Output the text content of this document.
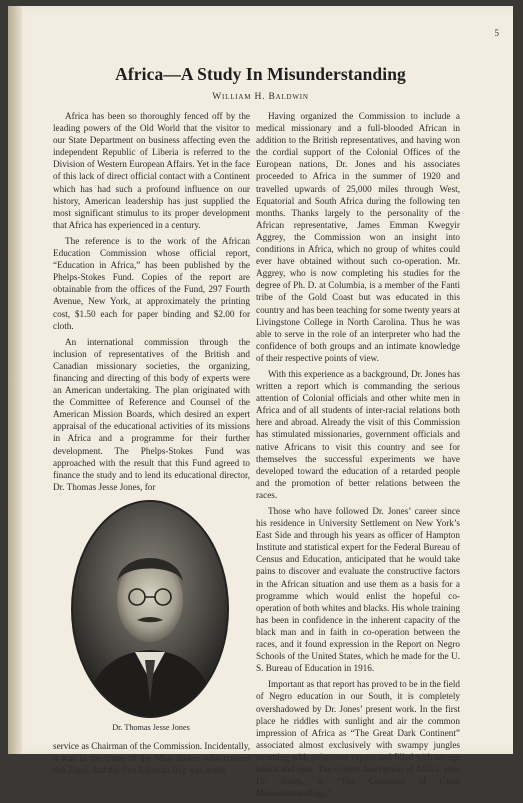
5
Africa—A Study In Misunderstanding
William H. Baldwin

Africa has been so thoroughly fenced off by the leading powers of the Old World that the visitor to our State Department on business affecting even the independent Republic of Liberia is referred to the Division of Western European Affairs. Yet in the face of this lack of direct official contact with a Continent which has had such a profound influence on our history, American leadership has just supplied the most significant stimulus to its proper development that Africa has experienced in a century.

The reference is to the work of the African Education Commission whose official report, “Education in Africa,” has been published by the Phelps-Stokes Fund. Copies of the report are obtainable from the offices of the Fund, 297 Fourth Avenue, New York, at approximately the printing cost, $1.50 each for paper binding and $2.00 for cloth.

An international commission through the inclusion of representatives of the British and Canadian missionary societies, the organizing, financing and directing of this body of experts were an American undertaking. The plan originated with the Committee of Reference and Counsel of the American Mission Boards, which desired an expert appraisal of the educational activities of its missions in Africa and a programme for their further development. The Phelps-Stokes Fund was approached with the result that this Fund agreed to finance the study and to lend its educational director, Dr. Thomas Jesse Jones, for

Dr. Thomas Jesse Jones

service as Chairman of the Commission. Incidentally, it was in the home of the Miss Stokes who created this Fund, that the first Liberian flag was made.

Having organized the Commission to include a medical missionary and a full-blooded African in addition to the British representatives, and having won the cordial support of the Colonial Offices of the European nations, Dr. Jones and his associates proceeded to Africa in the summer of 1920 and travelled upwards of 25,000 miles through West, Equatorial and South Africa during the following ten months. Thanks largely to the personality of the African representative, James Emman Kwegyir Aggrey, the Commission won an insight into conditions in Africa, which no group of whites could ever have obtained without such co-operation. Mr. Aggrey, who is now completing his studies for the degree of Ph. D. at Columbia, is a member of the Fanti tribe of the Gold Coast but was educated in this country and has been teaching for some twenty years at Livingstone College in North Carolina. Thus he was able to serve in the role of an interpreter who had the confidence of both groups and an intimate knowledge of their respective points of view.

With this experience as a background, Dr. Jones has written a report which is commanding the serious attention of Colonial officials and other white men in Africa and of all students of inter-racial relations both here and abroad. Already the visit of this Commission has stimulated missionaries, government officials and native Africans to visit this country and see for themselves the successful experiments we have developed toward the education of a retarded people and the promotion of better relations between the races.

Those who have followed Dr. Jones’ career since his residence in University Settlement on New York’s East Side and through his years as officer of Hampton Institute and statistical expert for the Federal Bureau of Census and Education, anticipated that he would take pains to discover and evaluate the constructive factors in the African situation and use them as a basis for a programme which would enlist the hopeful co-operation of both whites and blacks. His whole training has been in confidence in the inherent capacity of the black man and in faith in co-operation between the races, and it found expression in the Report on Negro Schools of the United States, which he made for the U. S. Bureau of Education in 1916.

Important as that report has proved to be in the field of Negro education in our South, it is completely overshadowed by Dr. Jones’ present work. In the first place he riddles with sunlight and air the common impression of Africa as “The Great Dark Continent” associated almost exclusively with swampy jungles steaming with poisonous vapors and filled with savage beasts and men. The correct description of Africa, says Dr. Jones, is “The Continent of Great Misunderstandings.”
